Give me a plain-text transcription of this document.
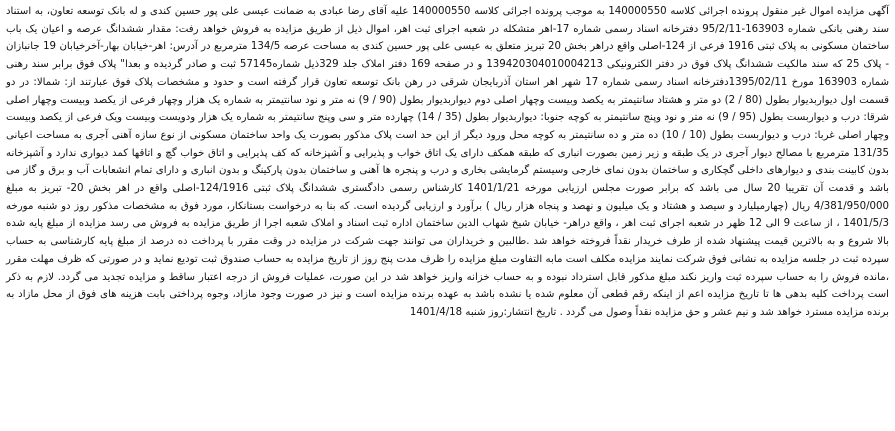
آگهی مزایده اموال غیر منقول پرونده اجرائی کلاسه 140000550 به موجب پرونده اجرائی کلاسه 140000550 علیه آقای رضا عبادی به ضمانت عیسی علی پور حسین کندی و له بانک توسعه تعاون، به استناد سند رهنی بانکی شماره 163903-95/2/11 دفترخانه اسناد رسمی شماره 17-اهر متشکله در شعبه اجرای ثبت اهر، اموال ذیل از طریق مزایده به فروش خواهد رفت: مقدار ششدانگ عرصه و اعیان یک باب ساختمان مسکونی به پلاک ثبتی 1916 فرعی از 124-اصلی واقع دراهر بخش 20 تبریز متعلق به عیسی علی پور حسین کندی به مساحت عرصه 134/5 مترمربع در آدرس: اهر-خیابان بهار-آخرخیابان 19 جانبازان - پلاک 25 که سند مالکیت ششدانگ پلاک فوق در دفتر الکترونیکی 139420304010004213 و در صفحه 169 دفتر املاک جلد 329ذیل شماره57145 ثبت و صادر گردیده و بعدا" پلاک فوق برابر سند رهنی شماره 163903 مورخ 1395/02/11دفترخانه اسناد رسمی شماره 17 شهر اهر استان آذربایجان شرقی در رهن بانک توسعه تعاون قرار گرفته است و حدود و مشخصات پلاک فوق عبارتند از: شمالا: در دو قسمت اول دیواربدیوار بطول (80 / 2) دو متر و هشتاد سانتیمتر به یکصد وبیست وچهار اصلی دوم دیواربدیوار بطول (90 / 9) نه متر و نود سانتیمتر به شماره یک هزار وچهار فرعی از یکصد وبیست وچهار اصلی شرقا: درب و دیواربست بطول (95 / 9) نه متر و نود وپنج سانتیمتر به کوچه جنوبا: دیواربدیوار بطول (35 / 14) چهارده متر و سی وپنج سانتیمتر به شماره یک هزار ودویست وبیست ویک فرعی از یکصد وبیست وچهار اصلی غربا: درب و دیواربست بطول (10 / 10) ده متر و ده سانتیمتر به کوچه محل ورود دیگر از این حد است پلاک مذکور بصورت یک واحد ساختمان مسکونی از نوع سازه آهنی آجری به مساحت اعیانی 131/35 مترمربع با مصالح دیوار آجری در یک طبقه و زیر زمین بصورت انباری که طبقه همکف دارای یک اتاق خواب و پذیرایی و آشپزخانه که کف پذیرایی و اتاق خواب گچ و اتاقها کمد دیواری ندارد و آشپزخانه بدون کابینت بندی و دیوارهای داخلی گچکاری و ساختمان بدون نمای خارجی وسیستم گرمایشی بخاری و درب و پنجره ها آهنی و ساختمان بدون پارکینگ و بدون انباری و دارای تمام انشعابات آب و برق و گاز می باشد و قدمت آن تقریبا 20 سال می باشد که برابر صورت مجلس ارزیابی مورخه 1401/1/21 کارشناس رسمی دادگستری ششدانگ پلاک ثبتی 124/1916-اصلی واقع در اهر بخش 20- تبریز به مبلغ 4/381/950/000 ریال (چهارمیلیارد و سیصد و هشتاد و یک میلیون و نهصد و پنجاه هزار ریال ) برآورد و ارزیابی گردیده است. که بنا به درخواست بستانکار، مورد فوق به مشخصات مذکور روز دو شنبه مورخه 1401/5/3 ، از ساعت 9 الی 12 ظهر در شعبه اجرای ثبت اهر ، واقع دراهر- خیابان شیخ شهاب الدین ساختمان اداره ثبت اسناد و املاک شعبه اجرا از طریق مزایده به فروش می رسد مزایده از مبلغ پایه شده بالا شروع و به بالاترین قیمت پیشنهاد شده از طرف خریدار نقداً فروخته خواهد شد .طالبین و خریداران می توانند جهت شرکت در مزایده در وقت مقرر با پرداخت ده درصد از مبلغ پایه کارشناسی به حساب سپرده ثبت در جلسه مزایده به نشانی فوق شرکت نمایند مزایده مکلف است مابه التفاوت مبلغ مزایده را ظرف مدت پنج روز از تاریخ مزایده به حساب صندوق ثبت تودیع نماید و در صورتی که ظرف مهلت مقرر ،مانده فروش را به حساب سپرده ثبت واریز نکند مبلغ مذکور قابل استرداد نبوده و به حساب خزانه واریز خواهد شد در این صورت، عملیات فروش از درجه اعتبار ساقط و مزایده تجدید می گردد. لازم به ذکر است پرداخت کلیه بدهی ها تا تاریخ مزایده اعم از اینکه رقم قطعی آن معلوم شده یا نشده باشد به عهده برنده مزایده است و نیز در صورت وجود مازاد، وجوه پرداختی بابت هزینه های فوق از محل مازاد به برنده مزایده مسترد خواهد شد و نیم عشر و حق مزایده نقداً وصول می گردد . تاریخ انتشار:روز شنبه 1401/4/18
